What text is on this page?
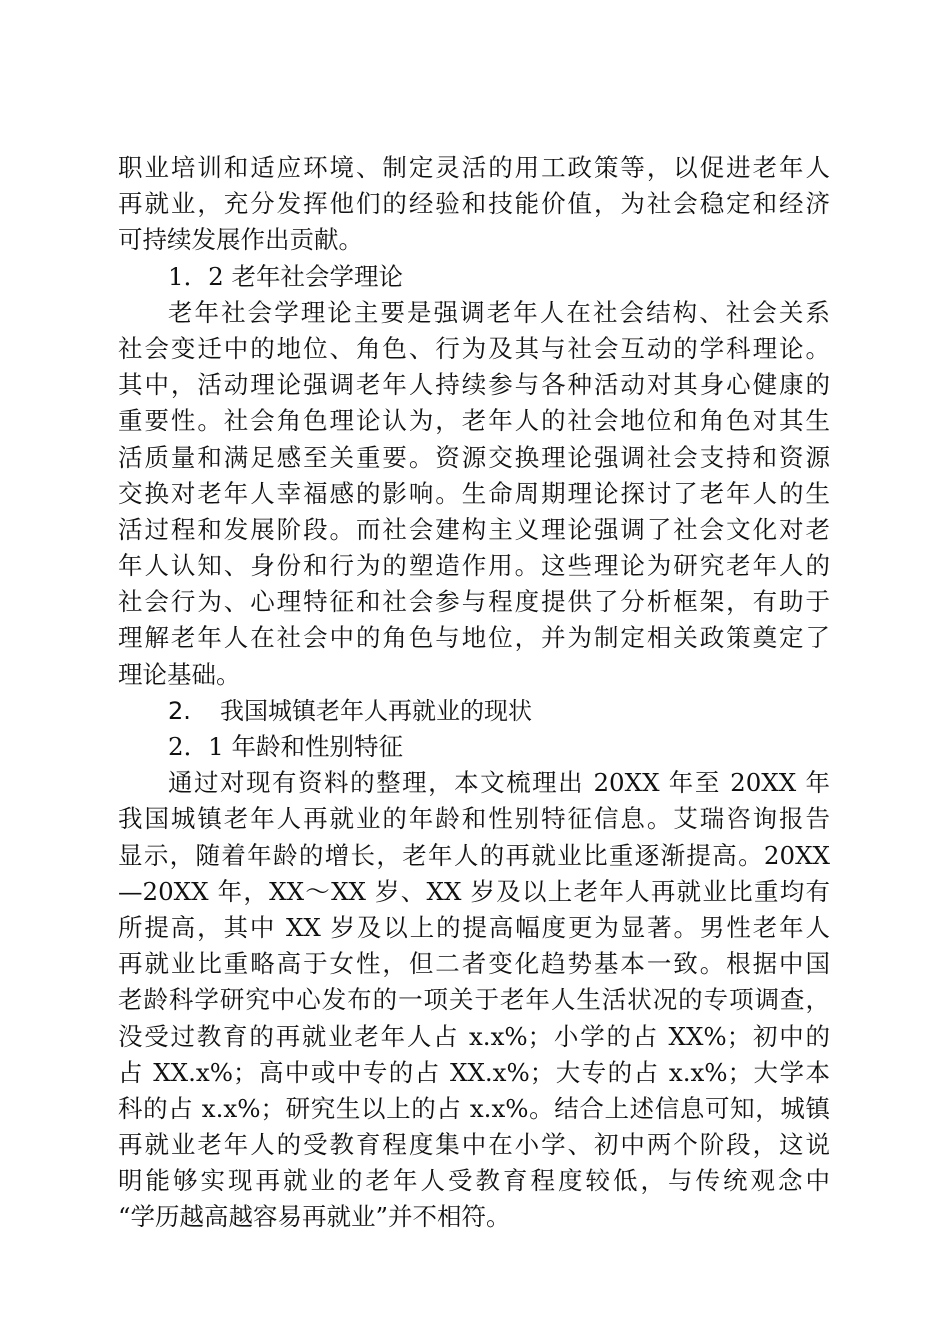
职业培训和适应环境、制定灵活的用工政策等，以促进老年人
再就业，充分发挥他们的经验和技能价值，为社会稳定和经济
可持续发展作出贡献。
1．2 老年社会学理论
老年社会学理论主要是强调老年人在社会结构、社会关系
社会变迁中的地位、角色、行为及其与社会互动的学科理论。
其中，活动理论强调老年人持续参与各种活动对其身心健康的
重要性。社会角色理论认为，老年人的社会地位和角色对其生
活质量和满足感至关重要。资源交换理论强调社会支持和资源
交换对老年人幸福感的影响。生命周期理论探讨了老年人的生
活过程和发展阶段。而社会建构主义理论强调了社会文化对老
年人认知、身份和行为的塑造作用。这些理论为研究老年人的
社会行为、心理特征和社会参与程度提供了分析框架，有助于
理解老年人在社会中的角色与地位，并为制定相关政策奠定了
理论基础。
2. 我国城镇老年人再就业的现状
2．1 年龄和性别特征
通过对现有资料的整理，本文梳理出 20XX 年至 20XX 年
我国城镇老年人再就业的年龄和性别特征信息。艾瑞咨询报告
显示，随着年龄的增长，老年人的再就业比重逐渐提高。20XX
—20XX 年，XX～XX 岁、XX 岁及以上老年人再就业比重均有
所提高，其中 XX 岁及以上的提高幅度更为显著。男性老年人
再就业比重略高于女性，但二者变化趋势基本一致。根据中国
老龄科学研究中心发布的一项关于老年人生活状况的专项调查，
没受过教育的再就业老年人占 x.x%；小学的占 XX%；初中的
占 XX.x%；高中或中专的占 XX.x%；大专的占 x.x%；大学本
科的占 x.x%；研究生以上的占 x.x%。结合上述信息可知，城镇
再就业老年人的受教育程度集中在小学、初中两个阶段，这说
明能够实现再就业的老年人受教育程度较低，与传统观念中
“学历越高越容易再就业”并不相符。
